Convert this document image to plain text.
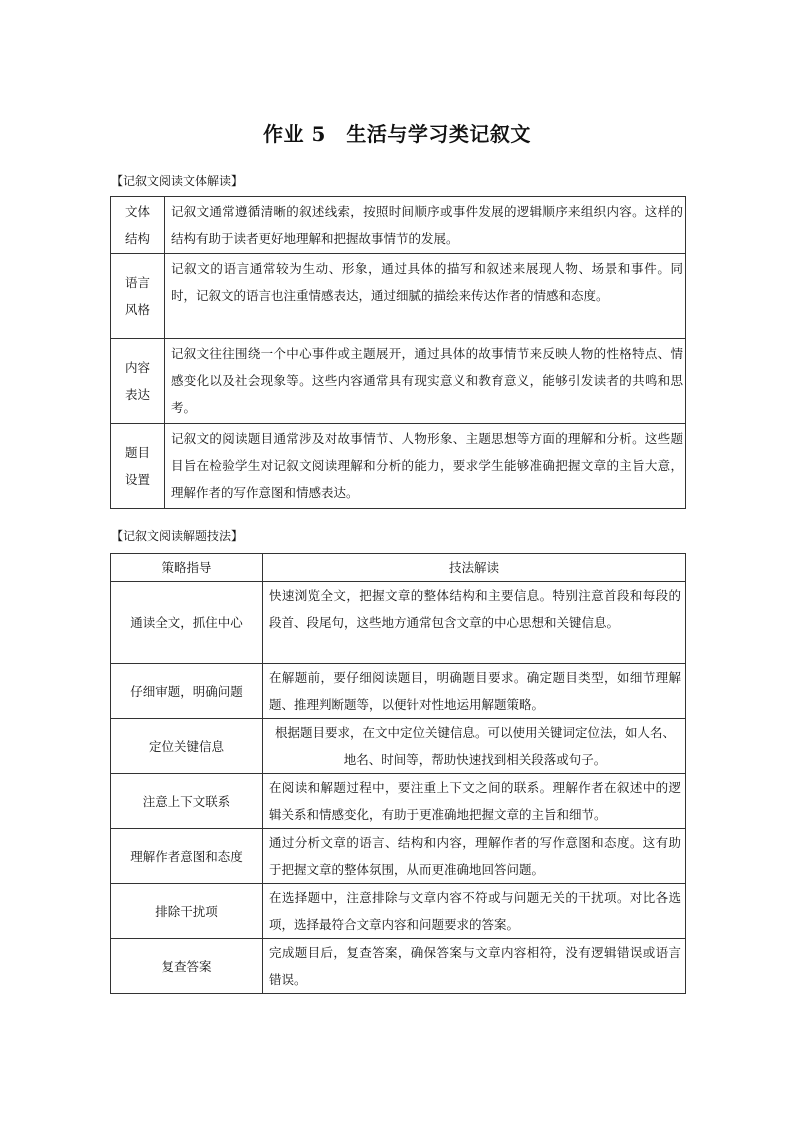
作业 5　生活与学习类记叙文

【记叙文阅读文体解读】

文体
结构	记叙文通常遵循清晰的叙述线索，按照时间顺序或事件发展的逻辑顺序来组织内容。这样的结构有助于读者更好地理解和把握故事情节的发展。
语言
风格	记叙文的语言通常较为生动、形象，通过具体的描写和叙述来展现人物、场景和事件。同时，记叙文的语言也注重情感表达，通过细腻的描绘来传达作者的情感和态度。
内容
表达	记叙文往往围绕一个中心事件或主题展开，通过具体的故事情节来反映人物的性格特点、情感变化以及社会现象等。这些内容通常具有现实意义和教育意义，能够引发读者的共鸣和思考。
题目
设置	记叙文的阅读题目通常涉及对故事情节、人物形象、主题思想等方面的理解和分析。这些题目旨在检验学生对记叙文阅读理解和分析的能力，要求学生能够准确把握文章的主旨大意，理解作者的写作意图和情感表达。

【记叙文阅读解题技法】

策略指导	技法解读
通读全文，抓住中心	快速浏览全文，把握文章的整体结构和主要信息。特别注意首段和每段的段首、段尾句，这些地方通常包含文章的中心思想和关键信息。
仔细审题，明确问题	在解题前，要仔细阅读题目，明确题目要求。确定题目类型，如细节理解题、推理判断题等，以便针对性地运用解题策略。
定位关键信息	根据题目要求，在文中定位关键信息。可以使用关键词定位法，如人名、地名、时间等，帮助快速找到相关段落或句子。
注意上下文联系	在阅读和解题过程中，要注重上下文之间的联系。理解作者在叙述中的逻辑关系和情感变化，有助于更准确地把握文章的主旨和细节。
理解作者意图和态度	通过分析文章的语言、结构和内容，理解作者的写作意图和态度。这有助于把握文章的整体氛围，从而更准确地回答问题。
排除干扰项	在选择题中，注意排除与文章内容不符或与问题无关的干扰项。对比各选项，选择最符合文章内容和问题要求的答案。
复查答案	完成题目后，复查答案，确保答案与文章内容相符，没有逻辑错误或语言错误。
